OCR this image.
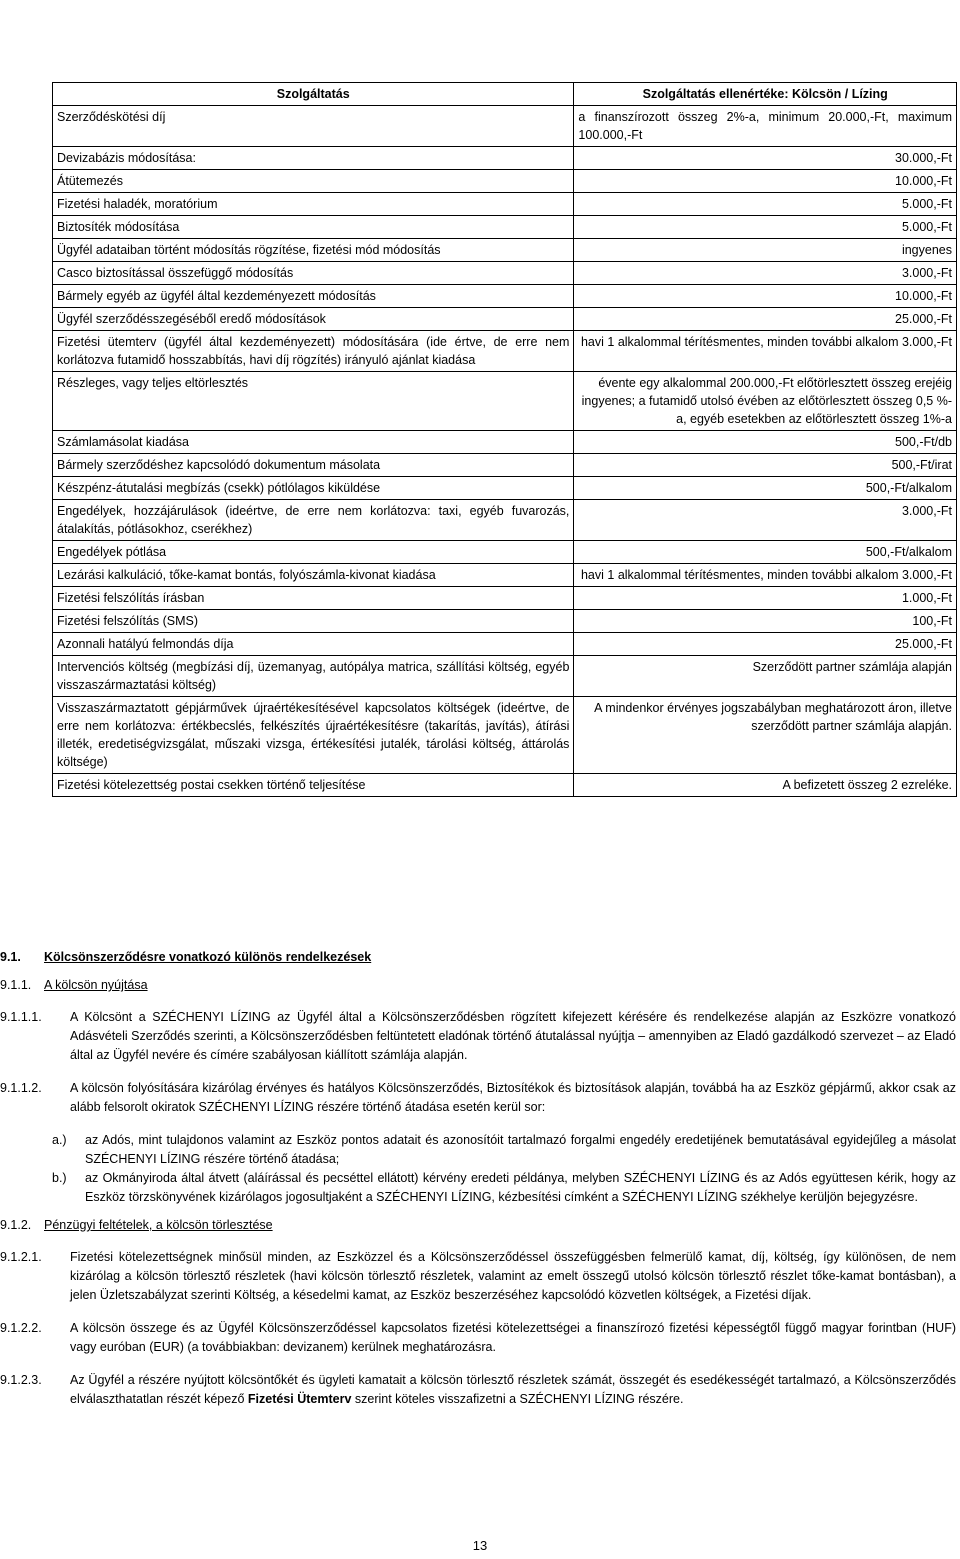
SZÉCHENYI LÍZING PÉNZÜGYI SZOLGÁLTATÓ ZRT.	ÜZLETSZABÁLYZAT
[Kifüggesztve: 2014.07.08.]
Szolgáltatás	Szolgáltatás ellenértéke: Kölcsön / Lízing
Szerződéskötési díj	a finanszírozott összeg 2%-a, minimum 20.000,-Ft, maximum 100.000,-Ft
Devizabázis módosítása:	30.000,-Ft
Átütemezés	10.000,-Ft
Fizetési haladék, moratórium	5.000,-Ft
Biztosíték módosítása	5.000,-Ft
Ügyfél adataiban történt módosítás rögzítése, fizetési mód módosítás	ingyenes
Casco biztosítással összefüggő módosítás	3.000,-Ft
Bármely egyéb az ügyfél által kezdeményezett módosítás	10.000,-Ft
Ügyfél szerződésszegéséből eredő módosítások	25.000,-Ft
Fizetési ütemterv (ügyfél által kezdeményezett) módosítására (ide értve, de erre nem korlátozva futamidő hosszabbítás, havi díj rögzítés) irányuló ajánlat kiadása	havi 1 alkalommal térítésmentes, minden további alkalom 3.000,-Ft
Részleges, vagy teljes eltörlesztés	évente egy alkalommal 200.000,-Ft előtörlesztett összeg erejéig ingyenes; a futamidő utolsó évében az előtörlesztett összeg 0,5 %-a, egyéb esetekben az előtörlesztett összeg 1%-a
Számlamásolat kiadása	500,-Ft/db
Bármely szerződéshez kapcsolódó dokumentum másolata	500,-Ft/irat
Készpénz-átutalási megbízás (csekk) pótlólagos kiküldése	500,-Ft/alkalom
Engedélyek, hozzájárulások (ideértve, de erre nem korlátozva: taxi, egyéb fuvarozás, átalakítás, pótlásokhoz, cserékhez)	3.000,-Ft
Engedélyek pótlása	500,-Ft/alkalom
Lezárási kalkuláció, tőke-kamat bontás, folyószámla-kivonat kiadása	havi 1 alkalommal térítésmentes, minden további alkalom 3.000,-Ft
Fizetési felszólítás írásban	1.000,-Ft
Fizetési felszólítás (SMS)	100,-Ft
Azonnali hatályú felmondás díja	25.000,-Ft
Intervenciós költség (megbízási díj, üzemanyag, autópálya matrica, szállítási költség, egyéb visszaszármaztatási költség)	Szerződött partner számlája alapján
Visszaszármaztatott gépjárművek újraértékesítésével kapcsolatos költségek (ideértve, de erre nem korlátozva: értékbecslés, felkészítés újraértékesítésre (takarítás, javítás), átírási illeték, eredetiségvizsgálat, műszaki vizsga, értékesítési jutalék, tárolási költség, áttárolás költsége)	A mindenkor érvényes jogszabályban meghatározott áron, illetve szerződött partner számlája alapján.
Fizetési kötelezettség postai csekken történő teljesítése	A befizetett összeg 2 ezreléke.
9.1.	Kölcsönszerződésre vonatkozó különös rendelkezések
9.1.1.	A kölcsön nyújtása
9.1.1.1.	A Kölcsönt a SZÉCHENYI LÍZING az Ügyfél által a Kölcsönszerződésben rögzített kifejezett kérésére és rendelkezése alapján az Eszközre vonatkozó Adásvételi Szerződés szerinti, a Kölcsönszerződésben feltüntetett eladónak történő átutalással nyújtja – amennyiben az Eladó gazdálkodó szervezet – az Eladó által az Ügyfél nevére és címére szabályosan kiállított számlája alapján.
9.1.1.2.	A kölcsön folyósítására kizárólag érvényes és hatályos Kölcsönszerződés, Biztosítékok és biztosítások alapján, továbbá ha az Eszköz gépjármű, akkor csak az alább felsorolt okiratok SZÉCHENYI LÍZING részére történő átadása esetén kerül sor:
a.)	az Adós, mint tulajdonos valamint az Eszköz pontos adatait és azonosítóit tartalmazó forgalmi engedély eredetijének bemutatásával egyidejűleg a másolat SZÉCHENYI LÍZING részére történő átadása;
b.)	az Okmányiroda által átvett (aláírással és pecséttel ellátott) kérvény eredeti példánya, melyben SZÉCHENYI LÍZING és az Adós együttesen kérik, hogy az Eszköz törzskönyvének kizárólagos jogosultjaként a SZÉCHENYI LÍZING, kézbesítési címként a SZÉCHENYI LÍZING székhelye kerüljön bejegyzésre.
9.1.2.	Pénzügyi feltételek, a kölcsön törlesztése
9.1.2.1.	Fizetési kötelezettségnek minősül minden, az Eszközzel és a Kölcsönszerződéssel összefüggésben felmerülő kamat, díj, költség, így különösen, de nem kizárólag a kölcsön törlesztő részletek (havi kölcsön törlesztő részletek, valamint az emelt összegű utolsó kölcsön törlesztő részlet tőke-kamat bontásban), a jelen Üzletszabályzat szerinti Költség, a késedelmi kamat, az Eszköz beszerzéséhez kapcsolódó közvetlen költségek, a Fizetési díjak.
9.1.2.2.	A kölcsön összege és az Ügyfél Kölcsönszerződéssel kapcsolatos fizetési kötelezettségei a finanszírozó fizetési képességtől függő magyar forintban (HUF) vagy euróban (EUR) (a továbbiakban: devizanem) kerülnek meghatározásra.
9.1.2.3.	Az Ügyfél a részére nyújtott kölcsöntőkét és ügyleti kamatait a kölcsön törlesztő részletek számát, összegét és esedékességét tartalmazó, a Kölcsönszerződés elválaszthatatlan részét képező Fizetési Ütemterv szerint köteles visszafizetni a SZÉCHENYI LÍZING részére.
13
